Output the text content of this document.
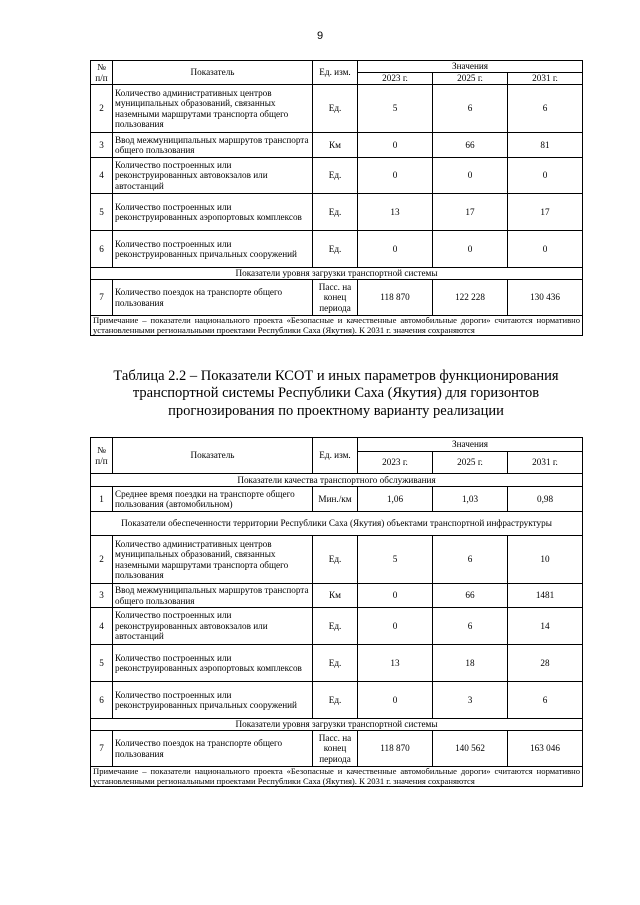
9
№ п/п	Показатель	Ед. изм.	Значения		
			2023 г.	2025 г.	2031 г.
2	Количество административных центров муниципальных образований, связанных наземными маршрутами транспорта общего пользования	Ед.	5	6	6
3	Ввод межмуниципальных маршрутов транспорта общего пользования	Км	0	66	81
4	Количество построенных или реконструированных автовокзалов или автостанций	Ед.	0	0	0
5	Количество построенных или реконструированных аэропортовых комплексов	Ед.	13	17	17
6	Количество построенных или реконструированных причальных сооружений	Ед.	0	0	0
Показатели уровня загрузки транспортной системы					
7	Количество поездок на транспорте общего пользования	Пасс. на конец периода	118 870	122 228	130 436
Примечание – показатели национального проекта «Безопасные и качественные автомобильные дороги» считаются нормативно установленными региональными проектами Республики Саха (Якутия). К 2031 г. значения сохраняются					
Таблица 2.2 – Показатели КСОТ и иных параметров функционирования транспортной системы Республики Саха (Якутия) для горизонтов прогнозирования по проектному варианту реализации
№ п/п	Показатель	Ед. изм.	Значения		
			2023 г.	2025 г.	2031 г.
Показатели качества транспортного обслуживания					
1	Среднее время поездки на транспорте общего пользования (автомобильном)	Мин./км	1,06	1,03	0,98
Показатели обеспеченности территории Республики Саха (Якутия) объектами транспортной инфраструктуры					
2	Количество административных центров муниципальных образований, связанных наземными маршрутами транспорта общего пользования	Ед.	5	6	10
3	Ввод межмуниципальных маршрутов транспорта общего пользования	Км	0	66	1481
4	Количество построенных или реконструированных автовокзалов или автостанций	Ед.	0	6	14
5	Количество построенных или реконструированных аэропортовых комплексов	Ед.	13	18	28
6	Количество построенных или реконструированных причальных сооружений	Ед.	0	3	6
Показатели уровня загрузки транспортной системы					
7	Количество поездок на транспорте общего пользования	Пасс. на конец периода	118 870	140 562	163 046
Примечание – показатели национального проекта «Безопасные и качественные автомобильные дороги» считаются нормативно установленными региональными проектами Республики Саха (Якутия). К 2031 г. значения сохраняются					
